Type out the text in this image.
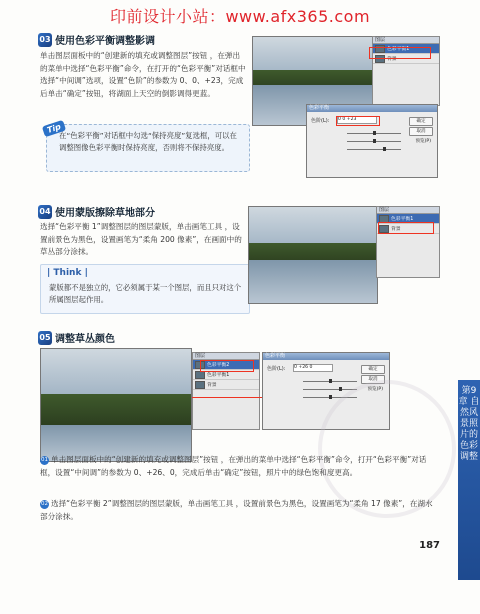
印前设计小站：www.afx365.com
03 使用色彩平衡调整影调
单击图层面板中的“创建新的填充或调整图层”按钮 ，在弹出的菜单中选择“色彩平衡”命令，在打开的“色彩平衡”对话框中选择“中间调”选项，设置“色阶”的参数为 0、0、+23，完成后单击“确定”按钮，将湖面上天空的倒影调得更蓝。
Tip
在“色彩平衡”对话框中勾选“保持亮度”复选框，可以在调整图像色彩平衡时保持亮度，否则将不保持亮度。
图层
色彩平衡1
背景
色彩平衡
色阶(L): 0 0 +23	确定
取消
预览(P)
04 使用蒙版擦除草地部分
选择“色彩平衡 1”调整图层的图层蒙版，单击画笔工具 ，设置前景色为黑色，设置画笔为“柔角 200 像素”，在画面中的草丛部分涂抹。
| Think |
蒙版都不是独立的，它必须属于某一个图层，而且只对这个所属图层起作用。
图层
色彩平衡1
背景
05 调整草丛颜色
图层
色彩平衡2
色彩平衡1
背景
色彩平衡
色阶(L): 0 +26 0	确定
取消
预览(P)
01 单击图层面板中的“创建新的填充或调整图层”按钮 ，在弹出的菜单中选择“色彩平衡”命令，打开“色彩平衡”对话框，设置“中间调”的参数为 0、+26、0，完成后单击“确定”按钮，照片中的绿色饱和度更高。
02 选择“色彩平衡 2”调整图层的图层蒙版，单击画笔工具 ，设置前景色为黑色，设置画笔为“柔角 17 像素”，在湖水部分涂抹。
第9章 自然风景照片的色彩调整
187
